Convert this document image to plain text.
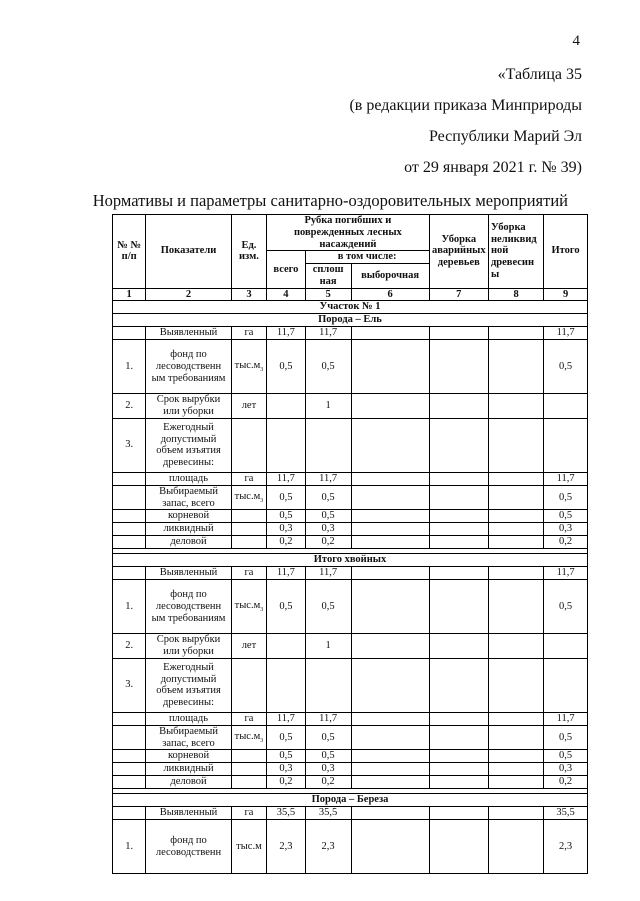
4
«Таблица 35
(в редакции приказа Минприроды
Республики Марий Эл
от 29 января 2021 г. № 39)
Нормативы и параметры санитарно-оздоровительных мероприятий
№ № п/п	Показатели	Ед. изм.	Рубка погибших и поврежденных лесных насаждений			Уборка аварийных деревьев	Уборка неликвид ной древесин ы	Итого
			всего	в том числе:				
				сплош ная	выборочная			
1	2	3	4	5	6	7	8	9
Участок № 1								
Порода – Ель								
	Выявленный	га	11,7	11,7				11,7
1.	фонд по лесоводственн ым требованиям	$тыс.м_3$	0,5	0,5				0,5
2.	Срок вырубки или уборки	лет		1				
3.	Ежегодный допустимый объем изъятия древесины:							
	площадь	га	11,7	11,7				11,7
	Выбираемый запас, всего	$тыс.м_3$	0,5	0,5				0,5
	корневой		0,5	0,5				0,5
	ликвидный		0,3	0,3				0,3
	деловой		0,2	0,2				0,2

Итого хвойных								
	Выявленный	га	11,7	11,7				11,7
1.	фонд по лесоводственн ым требованиям	$тыс.м_3$	0,5	0,5				0,5
2.	Срок вырубки или уборки	лет		1				
3.	Ежегодный допустимый объем изъятия древесины:							
	площадь	га	11,7	11,7				11,7
	Выбираемый запас, всего	$тыс.м_3$	0,5	0,5				0,5
	корневой		0,5	0,5				0,5
	ликвидный		0,3	0,3				0,3
	деловой		0,2	0,2				0,2

Порода – Береза								
	Выявленный	га	35,5	35,5				35,5
1.	фонд по лесоводственн	тыс.м	2,3	2,3				2,3
